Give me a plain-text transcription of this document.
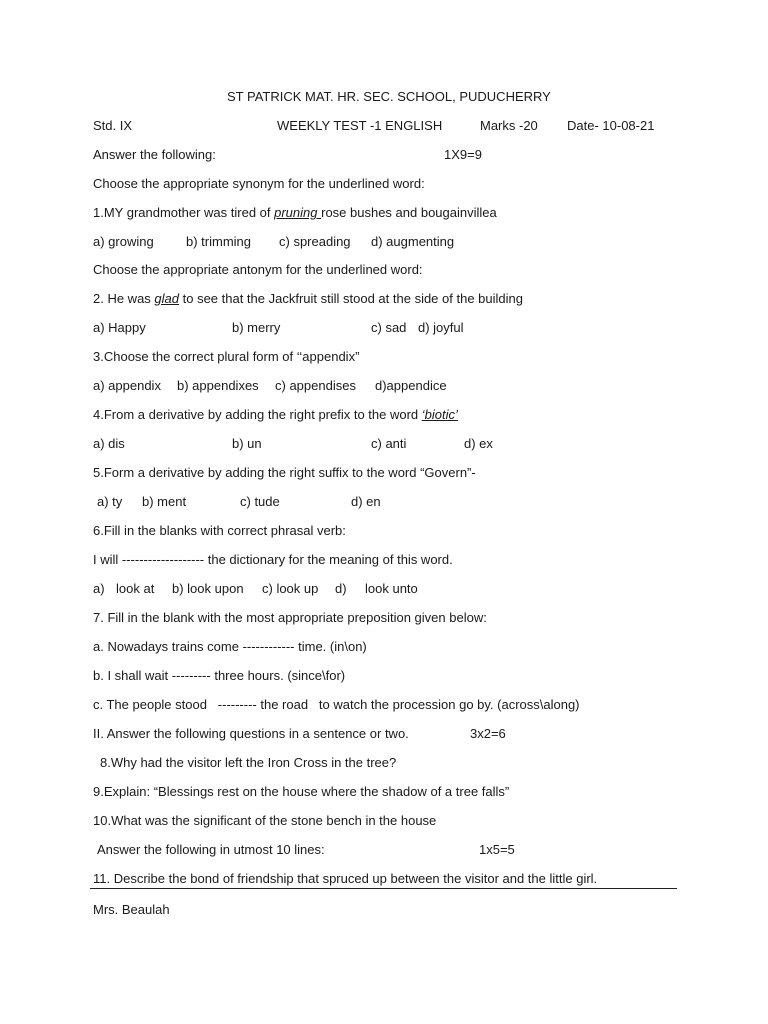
ST PATRICK MAT. HR. SEC. SCHOOL, PUDUCHERRY
Std. IX	WEEKLY TEST -1 ENGLISH	Marks -20 Date- 10-08-21
Answer the following:	1X9=9
Choose the appropriate synonym for the underlined word:
1.MY grandmother was tired of pruning rose bushes and bougainvillea
a) growing b) trimming c) spreading d) augmenting
Choose the appropriate antonym for the underlined word:
2. He was glad to see that the Jackfruit still stood at the side of the building
a) Happy	b) merry	c) sad d) joyful
3.Choose the correct plural form of ‘‘appendix”
a) appendix b) appendixes c) appendises d)appendice
4.From a derivative by adding the right prefix to the word ‘biotic’
a) dis	b) un	c) anti	d) ex
5.Form a derivative by adding the right suffix to the word “Govern”-
a) ty b) ment	c) tude	d) en
6.Fill in the blanks with correct phrasal verb:
I will ------------------- the dictionary for the meaning of this word.
a) look at b) look upon c) look up d) look unto
7. Fill in the blank with the most appropriate preposition given below:
a. Nowadays trains come ------------ time. (in\on)
b. I shall wait --------- three hours. (since\for)
c. The people stood   --------- the road   to watch the procession go by. (across\along)
II. Answer the following questions in a sentence or two.	3x2=6
8.Why had the visitor left the Iron Cross in the tree?
9.Explain: “Blessings rest on the house where the shadow of a tree falls”
10.What was the significant of the stone bench in the house
Answer the following in utmost 10 lines:	1x5=5
11. Describe the bond of friendship that spruced up between the visitor and the little girl.
Mrs. Beaulah
